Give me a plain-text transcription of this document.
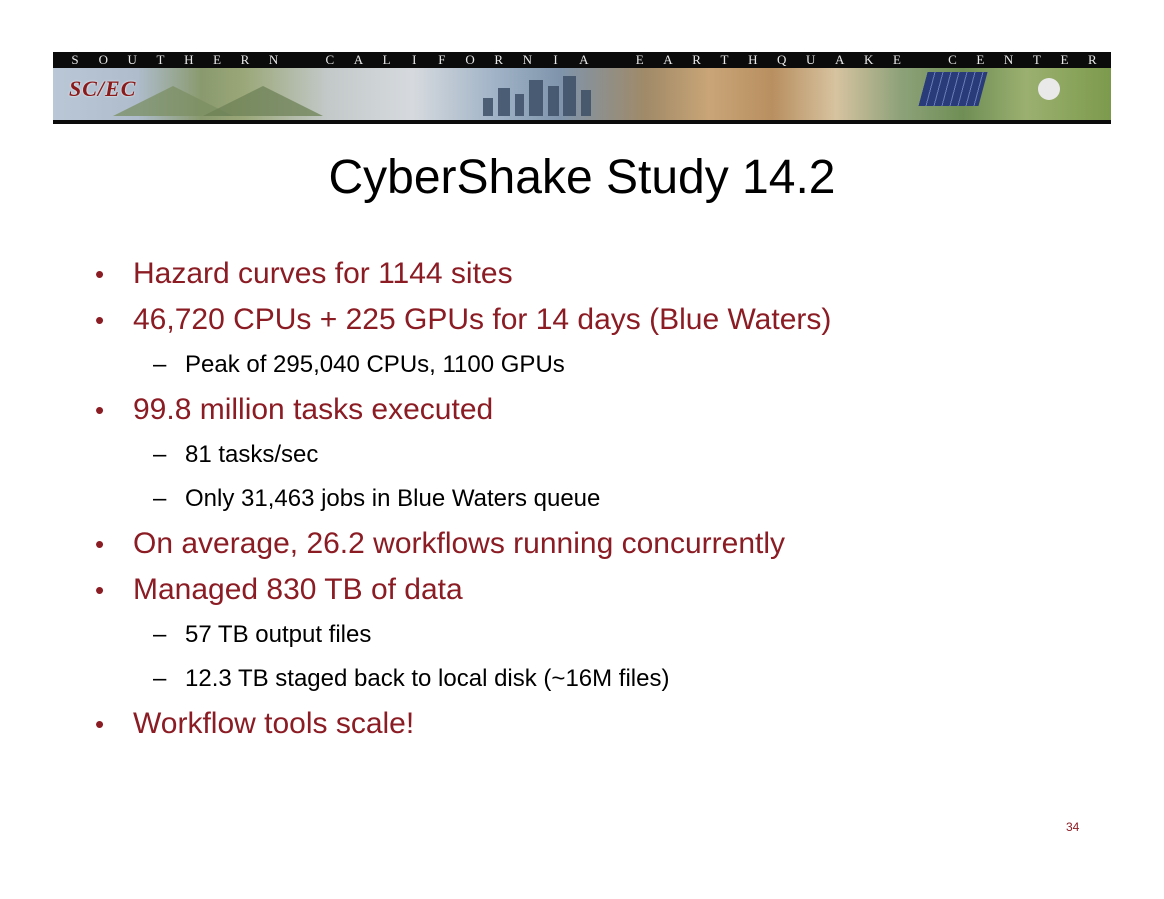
S O U T H E R N	C A L I F O R N I A	E A R T H Q U A K E	C E N T E R
SC/EC
CyberShake Study 14.2
• Hazard curves for 1144 sites
• 46,720 CPUs + 225 GPUs for 14 days (Blue Waters)
– Peak of 295,040 CPUs, 1100 GPUs
• 99.8 million tasks executed
– 81 tasks/sec
– Only 31,463 jobs in Blue Waters queue
• On average, 26.2 workflows running concurrently
• Managed 830 TB of data
– 57 TB output files
– 12.3 TB staged back to local disk (~16M files)
• Workflow tools scale!
34
